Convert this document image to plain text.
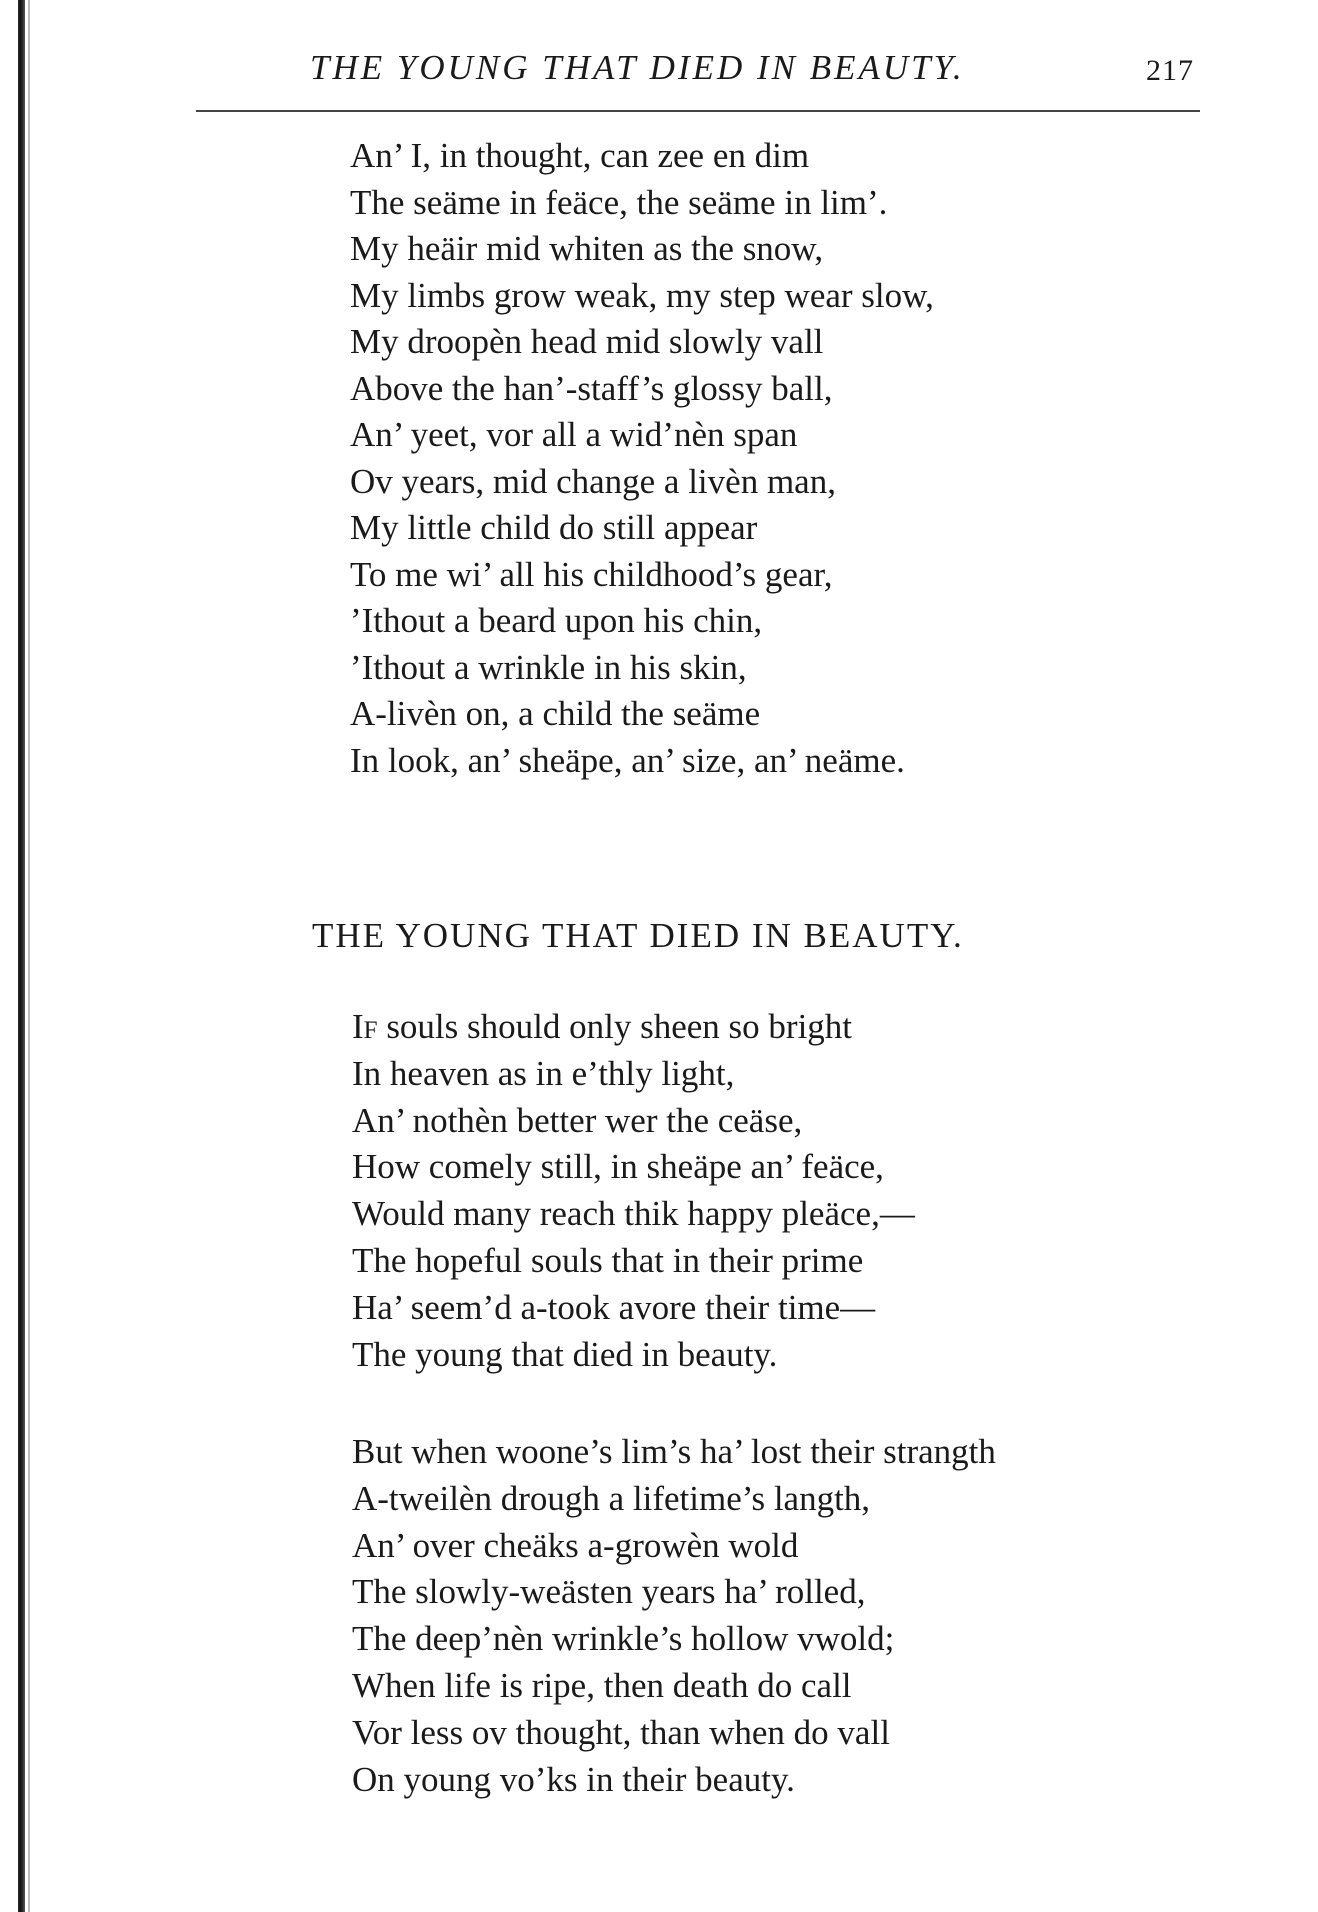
THE YOUNG THAT DIED IN BEAUTY.	217
An’ I, in thought, can zee en dim
The seäme in feäce, the seäme in lim’.
My heäir mid whiten as the snow,
My limbs grow weak, my step wear slow,
My droopèn head mid slowly vall
Above the han’-staff’s glossy ball,
An’ yeet, vor all a wid’nèn span
Ov years, mid change a livèn man,
My little child do still appear
To me wi’ all his childhood’s gear,
’Ithout a beard upon his chin,
’Ithout a wrinkle in his skin,
A-livèn on, a child the seäme
In look, an’ sheäpe, an’ size, an’ neäme.
THE YOUNG THAT DIED IN BEAUTY.
If souls should only sheen so bright
In heaven as in e’thly light,
An’ nothèn better wer the ceäse,
How comely still, in sheäpe an’ feäce,
Would many reach thik happy pleäce,—
The hopeful souls that in their prime
Ha’ seem’d a-took avore their time—
The young that died in beauty.
But when woone’s lim’s ha’ lost their strangth
A-tweilèn drough a lifetime’s langth,
An’ over cheäks a-growèn wold
The slowly-weästen years ha’ rolled,
The deep’nèn wrinkle’s hollow vwold;
When life is ripe, then death do call
Vor less ov thought, than when do vall
On young vo’ks in their beauty.
